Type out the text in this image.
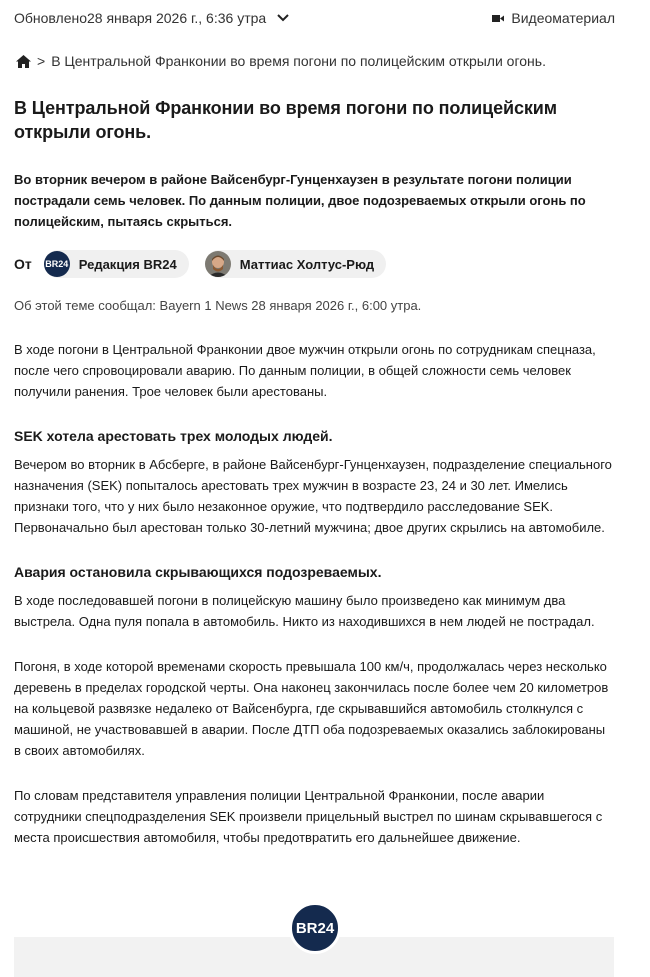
Обновлено 28 января 2026 г., 6:36 утра	Видеоматериал
> В Центральной Франконии во время погони по полицейским открыли огонь.
В Центральной Франконии во время погони по полицейским открыли огонь.

Во вторник вечером в районе Вайсенбург-Гунценхаузен в результате погони полиции пострадали семь человек. По данным полиции, двое подозреваемых открыли огонь по полицейским, пытаясь скрыться.

От BR24 Редакция BR24	Маттиас Холтус-Рюд
Об этой теме сообщал: Bayern 1 News 28 января 2026 г., 6:00 утра.

В ходе погони в Центральной Франконии двое мужчин открыли огонь по сотрудникам спецназа, после чего спровоцировали аварию. По данным полиции, в общей сложности семь человек получили ранения. Трое человек были арестованы.

SEK хотела арестовать трех молодых людей.

Вечером во вторник в Абсберге, в районе Вайсенбург-Гунценхаузен, подразделение специального назначения (SEK) попыталось арестовать трех мужчин в возрасте 23, 24 и 30 лет. Имелись признаки того, что у них было незаконное оружие, что подтвердило расследование SEK. Первоначально был арестован только 30-летний мужчина; двое других скрылись на автомобиле.

Авария остановила скрывающихся подозреваемых.

В ходе последовавшей погони в полицейскую машину было произведено как минимум два выстрела. Одна пуля попала в автомобиль. Никто из находившихся в нем людей не пострадал.

Погоня, в ходе которой временами скорость превышала 100 км/ч, продолжалась через несколько деревень в пределах городской черты. Она наконец закончилась после более чем 20 километров на кольцевой развязке недалеко от Вайсенбурга, где скрывавшийся автомобиль столкнулся с машиной, не участвовавшей в аварии. После ДТП оба подозреваемых оказались заблокированы в своих автомобилях.

По словам представителя управления полиции Центральной Франконии, после аварии сотрудники спецподразделения SEK произвели прицельный выстрел по шинам скрывавшегося с места происшествия автомобиля, чтобы предотвратить его дальнейшее движение.

BR24
